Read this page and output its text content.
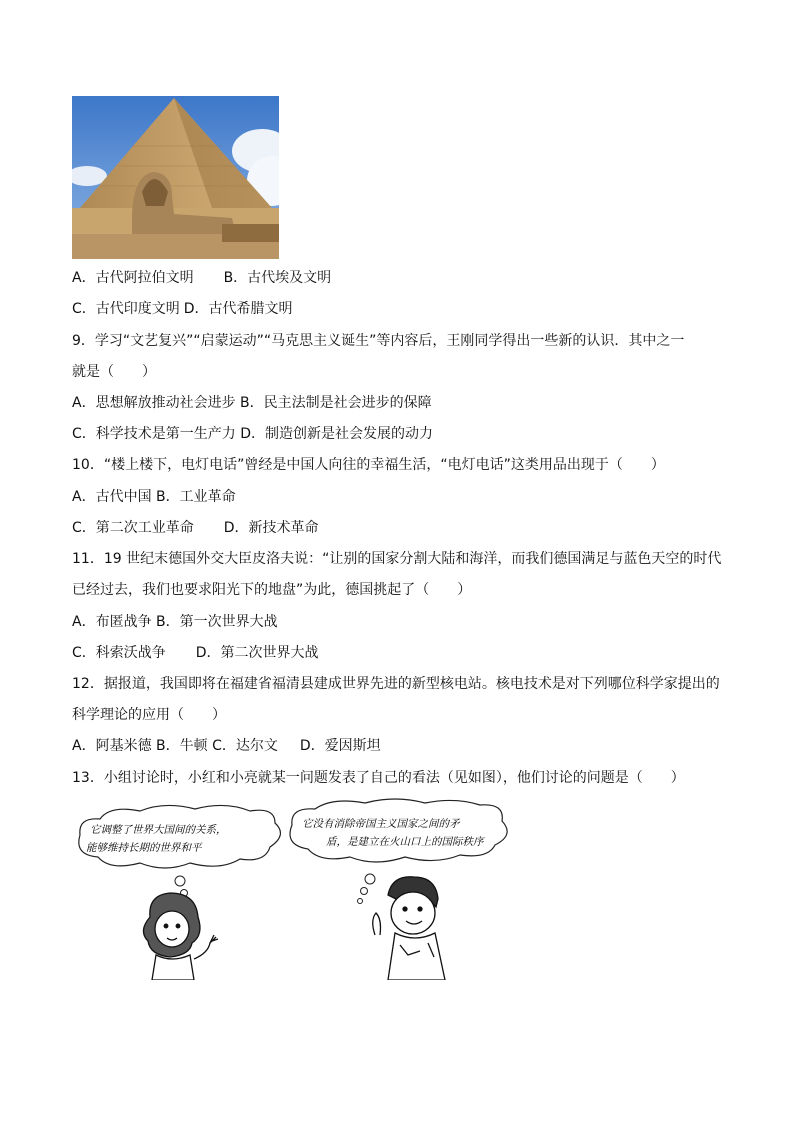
A．古代阿拉伯文明 B．古代埃及文明
C．古代印度文明 D．古代希腊文明
9．学习“文艺复兴”“启蒙运动”“马克思主义诞生”等内容后，王刚同学得出一些新的认识．其中之一
就是（　　）
A．思想解放推动社会进步 B．民主法制是社会进步的保障
C．科学技术是第一生产力 D．制造创新是社会发展的动力
10．“楼上楼下，电灯电话”曾经是中国人向往的幸福生活，“电灯电话”这类用品出现于（　　）
A．古代中国 B．工业革命
C．第二次工业革命 D．新技术革命
11．19 世纪末德国外交大臣皮洛夫说：“让别的国家分割大陆和海洋，而我们德国满足与蓝色天空的时代
已经过去，我们也要求阳光下的地盘”为此，德国挑起了（　　）
A．布匿战争 B．第一次世界大战
C．科索沃战争 D．第二次世界大战
12．据报道，我国即将在福建省福清县建成世界先进的新型核电站。核电技术是对下列哪位科学家提出的
科学理论的应用（　　）
A．阿基米德 B．牛顿 C．达尔文 D．爱因斯坦
13．小组讨论时，小红和小亮就某一问题发表了自己的看法（见如图），他们讨论的问题是（　　）
它调整了世界大国间的关系，
能够维持长期的世界和平
它没有消除帝国主义国家之间的矛
盾，是建立在火山口上的国际秩序
